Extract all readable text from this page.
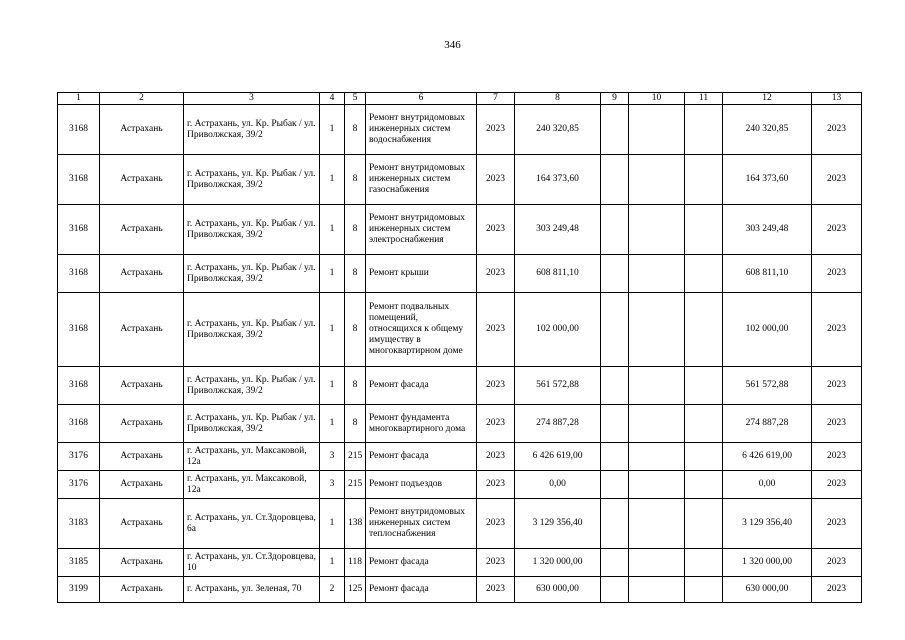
346
1	2	3	4	5	6	7	8	9	10	11	12	13
3168	Астрахань	г. Астрахань, ул. Кр. Рыбак / ул. Приволжская, 39/2	1	8	Ремонт внутридомовых инженерных систем водоснабжения	2023	240 320,85				240 320,85	2023
3168	Астрахань	г. Астрахань, ул. Кр. Рыбак / ул. Приволжская, 39/2	1	8	Ремонт внутридомовых инженерных систем газоснабжения	2023	164 373,60				164 373,60	2023
3168	Астрахань	г. Астрахань, ул. Кр. Рыбак / ул. Приволжская, 39/2	1	8	Ремонт внутридомовых инженерных систем электроснабжения	2023	303 249,48				303 249,48	2023
3168	Астрахань	г. Астрахань, ул. Кр. Рыбак / ул. Приволжская, 39/2	1	8	Ремонт крыши	2023	608 811,10				608 811,10	2023
3168	Астрахань	г. Астрахань, ул. Кр. Рыбак / ул. Приволжская, 39/2	1	8	Ремонт подвальных помещений, относящихся к общему имуществу в многоквартирном доме	2023	102 000,00				102 000,00	2023
3168	Астрахань	г. Астрахань, ул. Кр. Рыбак / ул. Приволжская, 39/2	1	8	Ремонт фасада	2023	561 572,88				561 572,88	2023
3168	Астрахань	г. Астрахань, ул. Кр. Рыбак / ул. Приволжская, 39/2	1	8	Ремонт фундамента многоквартирного дома	2023	274 887,28				274 887,28	2023
3176	Астрахань	г. Астрахань, ул. Максаковой, 12а	3	215	Ремонт фасада	2023	6 426 619,00				6 426 619,00	2023
3176	Астрахань	г. Астрахань, ул. Максаковой, 12а	3	215	Ремонт подъездов	2023	0,00				0,00	2023
3183	Астрахань	г. Астрахань, ул. Ст.Здоровцева, 6а	1	138	Ремонт внутридомовых инженерных систем теплоснабжения	2023	3 129 356,40				3 129 356,40	2023
3185	Астрахань	г. Астрахань, ул. Ст.Здоровцева, 10	1	118	Ремонт фасада	2023	1 320 000,00				1 320 000,00	2023
3199	Астрахань	г. Астрахань, ул. Зеленая, 70	2	125	Ремонт фасада	2023	630 000,00				630 000,00	2023
